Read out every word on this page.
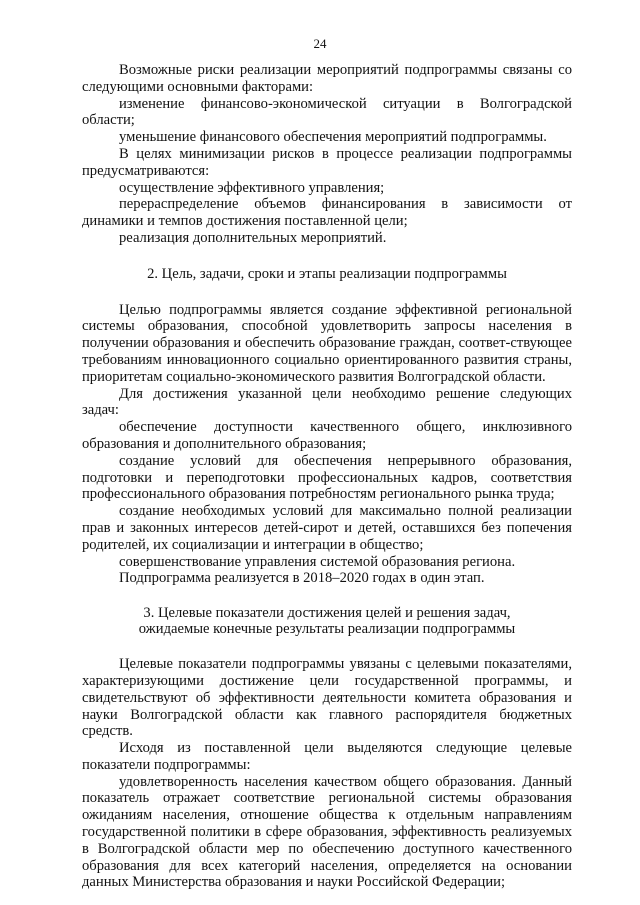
24

Возможные риски реализации мероприятий подпрограммы связаны со следующими основными факторами:

изменение финансово-экономической ситуации в Волгоградской области;

уменьшение финансового обеспечения мероприятий подпрограммы.

В целях минимизации рисков в процессе реализации подпрограммы предусматриваются:

осуществление эффективного управления;

перераспределение объемов финансирования в зависимости от динамики и темпов достижения поставленной цели;

реализация дополнительных мероприятий.

2. Цель, задачи, сроки и этапы реализации подпрограммы

Целью подпрограммы является создание эффективной региональной системы образования, способной удовлетворить запросы населения в получении образования и обеспечить образование граждан, соответ-ствующее требованиям инновационного социально ориентированного развития страны, приоритетам социально-экономического развития Волгоградской области.

Для достижения указанной цели необходимо решение следующих задач:

обеспечение доступности качественного общего, инклюзивного образования и дополнительного образования;

создание условий для обеспечения непрерывного образования, подготовки и переподготовки профессиональных кадров, соответствия профессионального образования потребностям регионального рынка труда;

создание необходимых условий для максимально полной реализации прав и законных интересов детей-сирот и детей, оставшихся без попечения родителей, их социализации и интеграции в общество;

совершенствование управления системой образования региона.

Подпрограмма реализуется в 2018–2020 годах в один этап.

3. Целевые показатели достижения целей и решения задач,
ожидаемые конечные результаты реализации подпрограммы

Целевые показатели подпрограммы увязаны с целевыми показателями, характеризующими достижение цели государственной программы, и свидетельствуют об эффективности деятельности комитета образования и науки Волгоградской области как главного распорядителя бюджетных средств.

Исходя из поставленной цели выделяются следующие целевые показатели подпрограммы:

удовлетворенность населения качеством общего образования. Данный показатель отражает соответствие региональной системы образования ожиданиям населения, отношение общества к отдельным направлениям государственной политики в сфере образования, эффективность реализуемых в Волгоградской области мер по обеспечению доступного качественного образования для всех категорий населения, определяется на основании данных Министерства образования и науки Российской Федерации;
